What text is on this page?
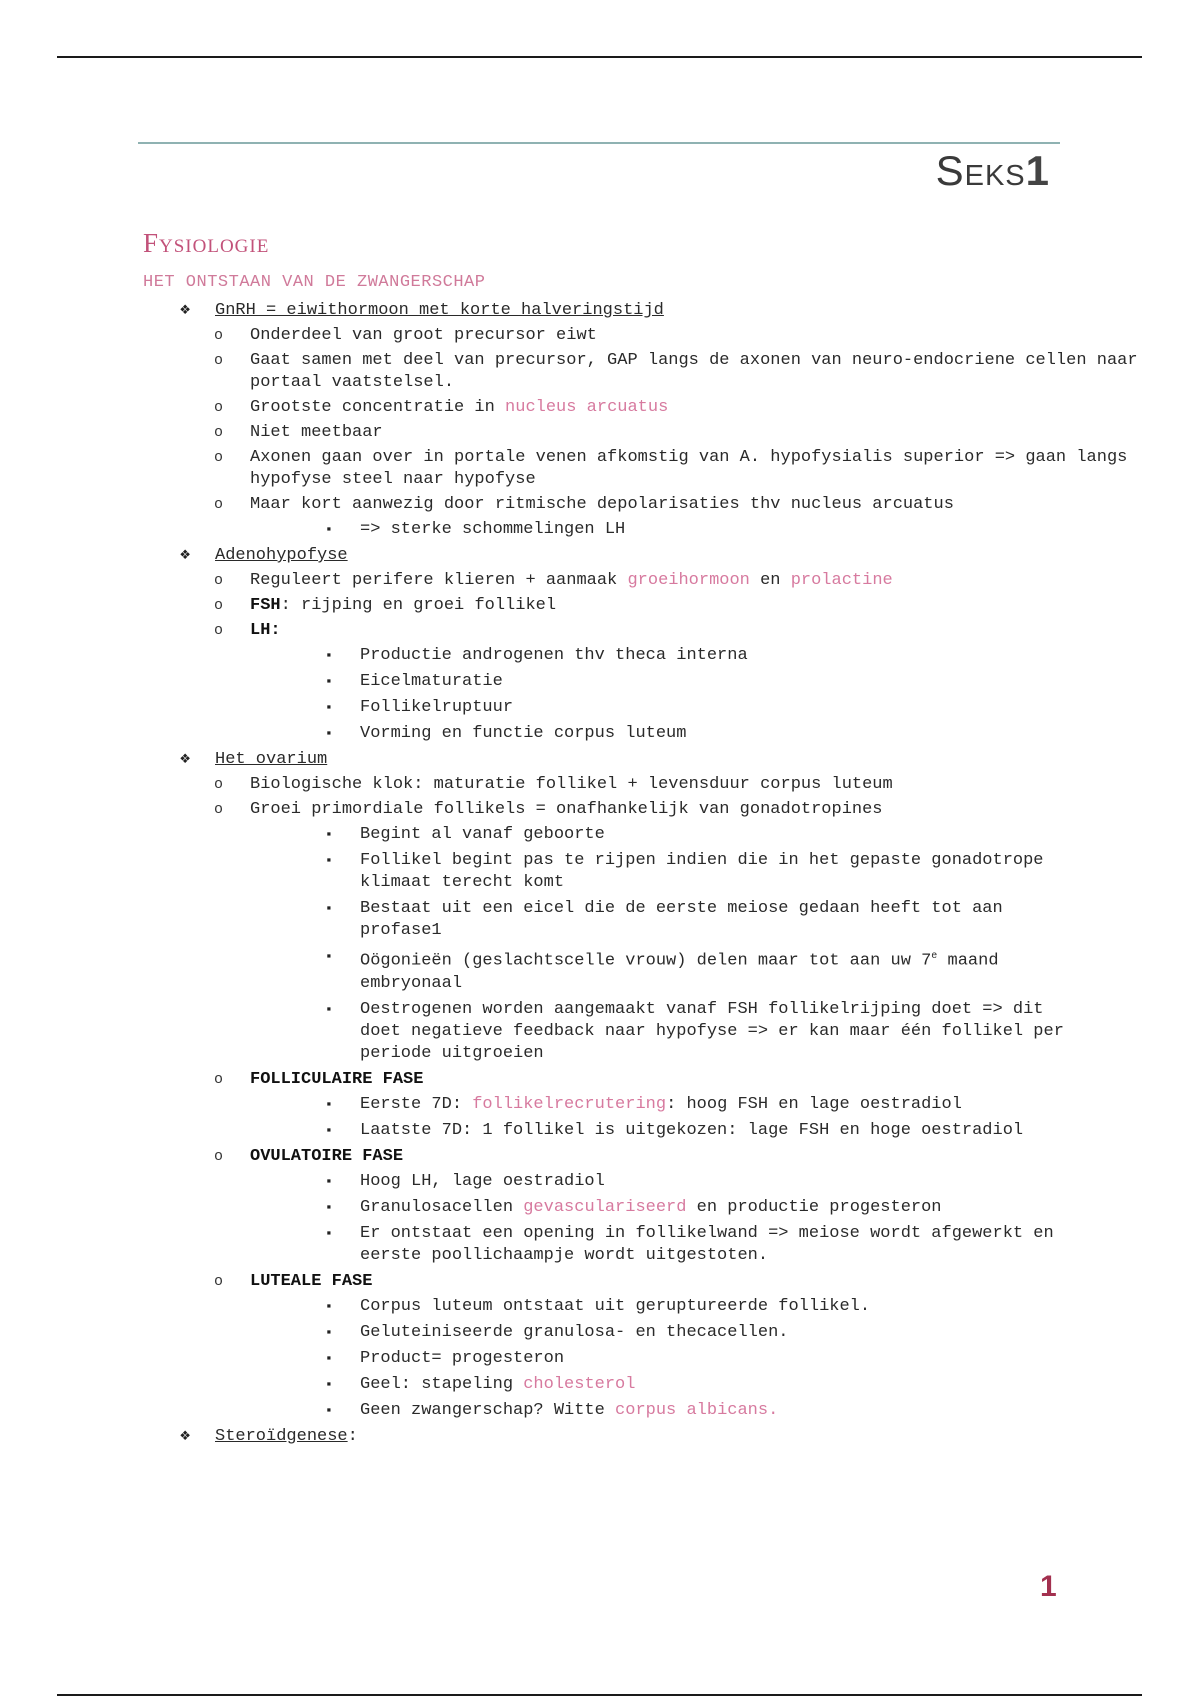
Seks1
Fysiologie
HET ONTSTAAN VAN DE ZWANGERSCHAP
❖ GnRH = eiwithormoon met korte halveringstijd
o Onderdeel van groot precursor eiwt
o Gaat samen met deel van precursor, GAP langs de axonen van neuro-endocriene cellen naar portaal vaatstelsel.
o Grootste concentratie in nucleus arcuatus
o Niet meetbaar
o Axonen gaan over in portale venen afkomstig van A. hypofysialis superior => gaan langs hypofyse steel naar hypofyse
o Maar kort aanwezig door ritmische depolarisaties thv nucleus arcuatus
▪ => sterke schommelingen LH
❖ Adenohypofyse
o Reguleert perifere klieren + aanmaak groeihormoon en prolactine
o FSH: rijping en groei follikel
o LH:
▪ Productie androgenen thv theca interna
▪ Eicelmaturatie
▪ Follikelruptuur
▪ Vorming en functie corpus luteum
❖ Het ovarium
o Biologische klok: maturatie follikel + levensduur corpus luteum
o Groei primordiale follikels = onafhankelijk van gonadotropines
▪ Begint al vanaf geboorte
▪ Follikel begint pas te rijpen indien die in het gepaste gonadotrope klimaat terecht komt
▪ Bestaat uit een eicel die de eerste meiose gedaan heeft tot aan profase1
▪ Oögonieën (geslachtscelle vrouw) delen maar tot aan uw 7e maand embryonaal
▪ Oestrogenen worden aangemaakt vanaf FSH follikelrijping doet => dit doet negatieve feedback naar hypofyse => er kan maar één follikel per periode uitgroeien
o FOLLICULAIRE FASE
▪ Eerste 7D: follikelrecrutering: hoog FSH en lage oestradiol
▪ Laatste 7D: 1 follikel is uitgekozen: lage FSH en hoge oestradiol
o OVULATOIRE FASE
▪ Hoog LH, lage oestradiol
▪ Granulosacellen gevasculariseerd en productie progesteron
▪ Er ontstaat een opening in follikelwand => meiose wordt afgewerkt en eerste poollichaampje wordt uitgestoten.
o LUTEALE FASE
▪ Corpus luteum ontstaat uit geruptureerde follikel.
▪ Geluteiniseerde granulosa- en thecacellen.
▪ Product= progesteron
▪ Geel: stapeling cholesterol
▪ Geen zwangerschap? Witte corpus albicans.
❖ Steroïdgenese:
1
